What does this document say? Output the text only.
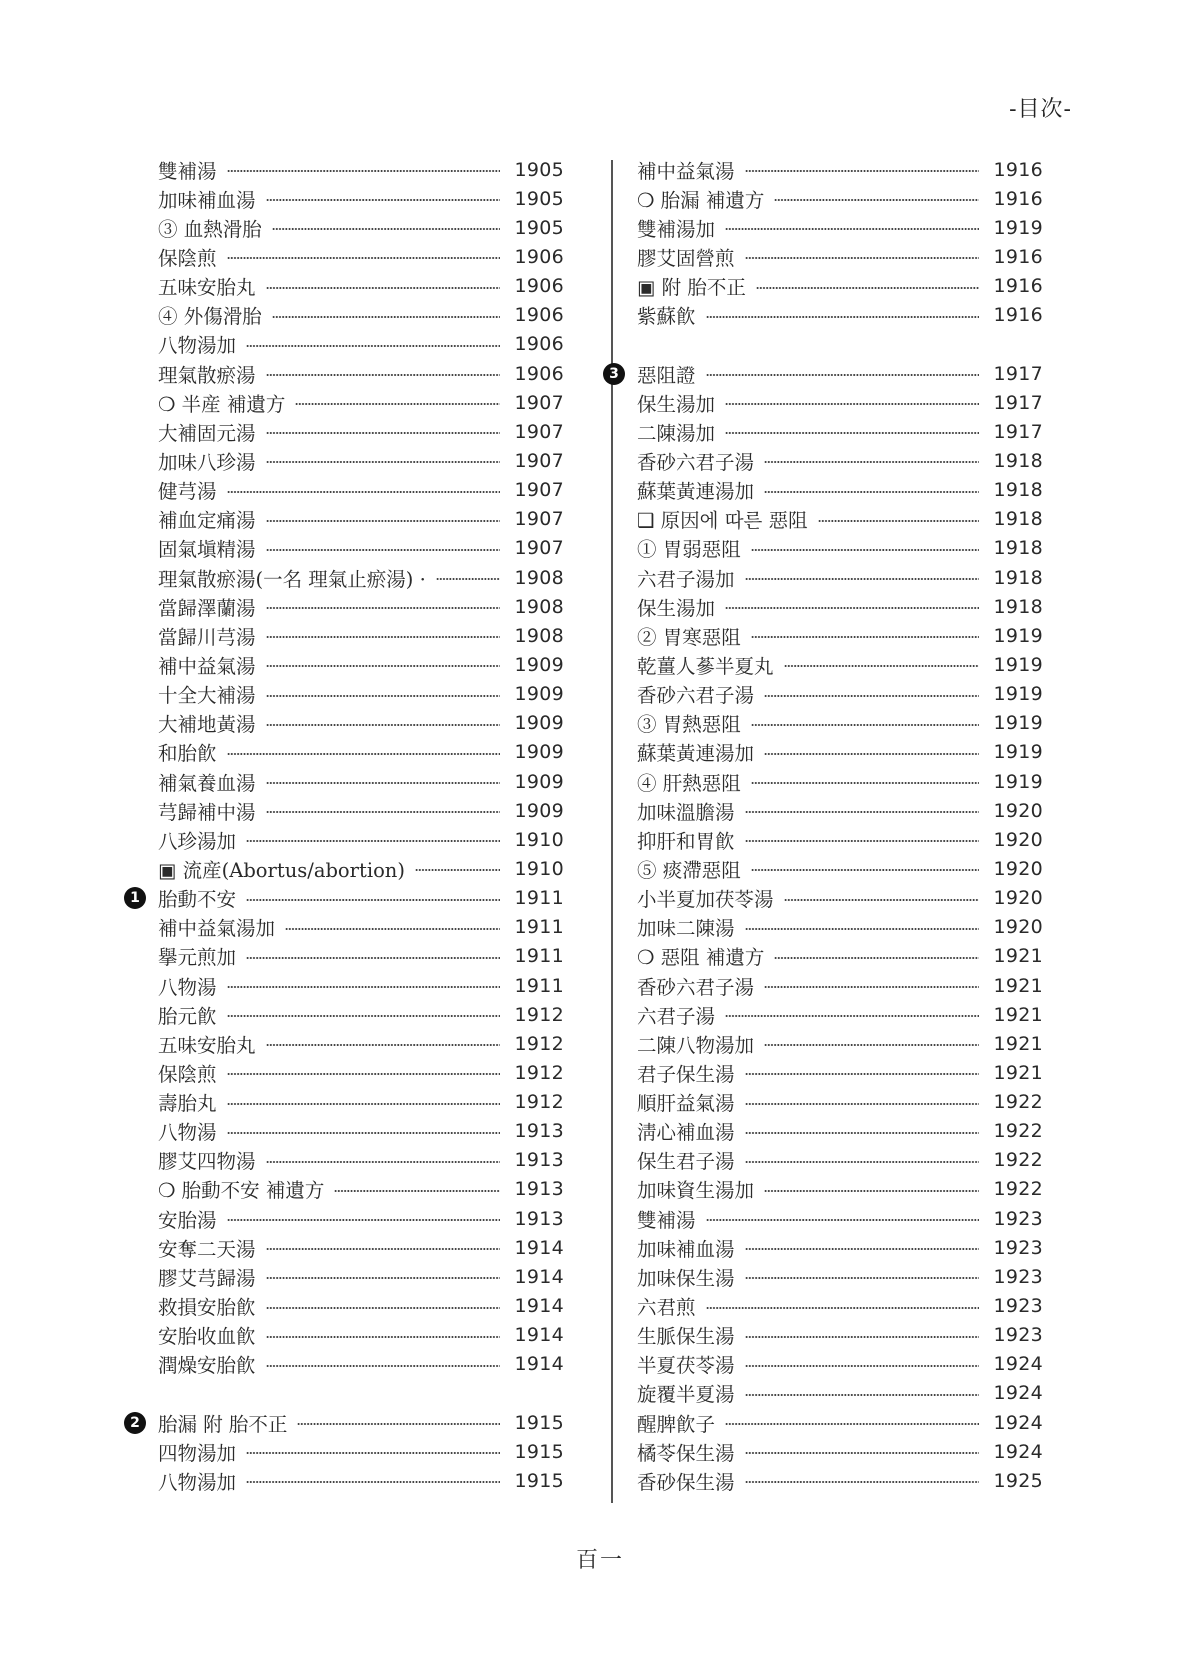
-目次-
雙補湯	1905
加味補血湯	1905
③ 血熱滑胎	1905
保陰煎	1906
五味安胎丸	1906
④ 外傷滑胎	1906
八物湯加	1906
理氣散瘀湯	1906
❍ 半産 補遺方	1907
大補固元湯	1907
加味八珍湯	1907
健芎湯	1907
補血定痛湯	1907
固氣塡精湯	1907
理氣散瘀湯(一名 理氣止瘀湯) ·	1908
當歸澤蘭湯	1908
當歸川芎湯	1908
補中益氣湯	1909
十全大補湯	1909
大補地黃湯	1909
和胎飮	1909
補氣養血湯	1909
芎歸補中湯	1909
八珍湯加	1910
▣ 流産(Abortus/abortion)	1910
1 胎動不安	1911
補中益氣湯加	1911
擧元煎加	1911
八物湯	1911
胎元飮	1912
五味安胎丸	1912
保陰煎	1912
壽胎丸	1912
八物湯	1913
膠艾四物湯	1913
❍ 胎動不安 補遺方	1913
安胎湯	1913
安奪二天湯	1914
膠艾芎歸湯	1914
救損安胎飮	1914
安胎收血飮	1914
潤燥安胎飮	1914
2 胎漏 附 胎不正	1915
四物湯加	1915
八物湯加	1915
補中益氣湯	1916
❍ 胎漏 補遺方	1916
雙補湯加	1919
膠艾固營煎	1916
▣ 附 胎不正	1916
紫蘇飮	1916
3 惡阻證	1917
保生湯加	1917
二陳湯加	1917
香砂六君子湯	1918
蘇葉黃連湯加	1918
❑ 原因에 따른 惡阻	1918
① 胃弱惡阻	1918
六君子湯加	1918
保生湯加	1918
② 胃寒惡阻	1919
乾薑人蔘半夏丸	1919
香砂六君子湯	1919
③ 胃熱惡阻	1919
蘇葉黃連湯加	1919
④ 肝熱惡阻	1919
加味溫膽湯	1920
抑肝和胃飮	1920
⑤ 痰滯惡阻	1920
小半夏加茯苓湯	1920
加味二陳湯	1920
❍ 惡阻 補遺方	1921
香砂六君子湯	1921
六君子湯	1921
二陳八物湯加	1921
君子保生湯	1921
順肝益氣湯	1922
淸心補血湯	1922
保生君子湯	1922
加味資生湯加	1922
雙補湯	1923
加味補血湯	1923
加味保生湯	1923
六君煎	1923
生脈保生湯	1923
半夏茯苓湯	1924
旋覆半夏湯	1924
醒脾飮子	1924
橘苓保生湯	1924
香砂保生湯	1925
百一
